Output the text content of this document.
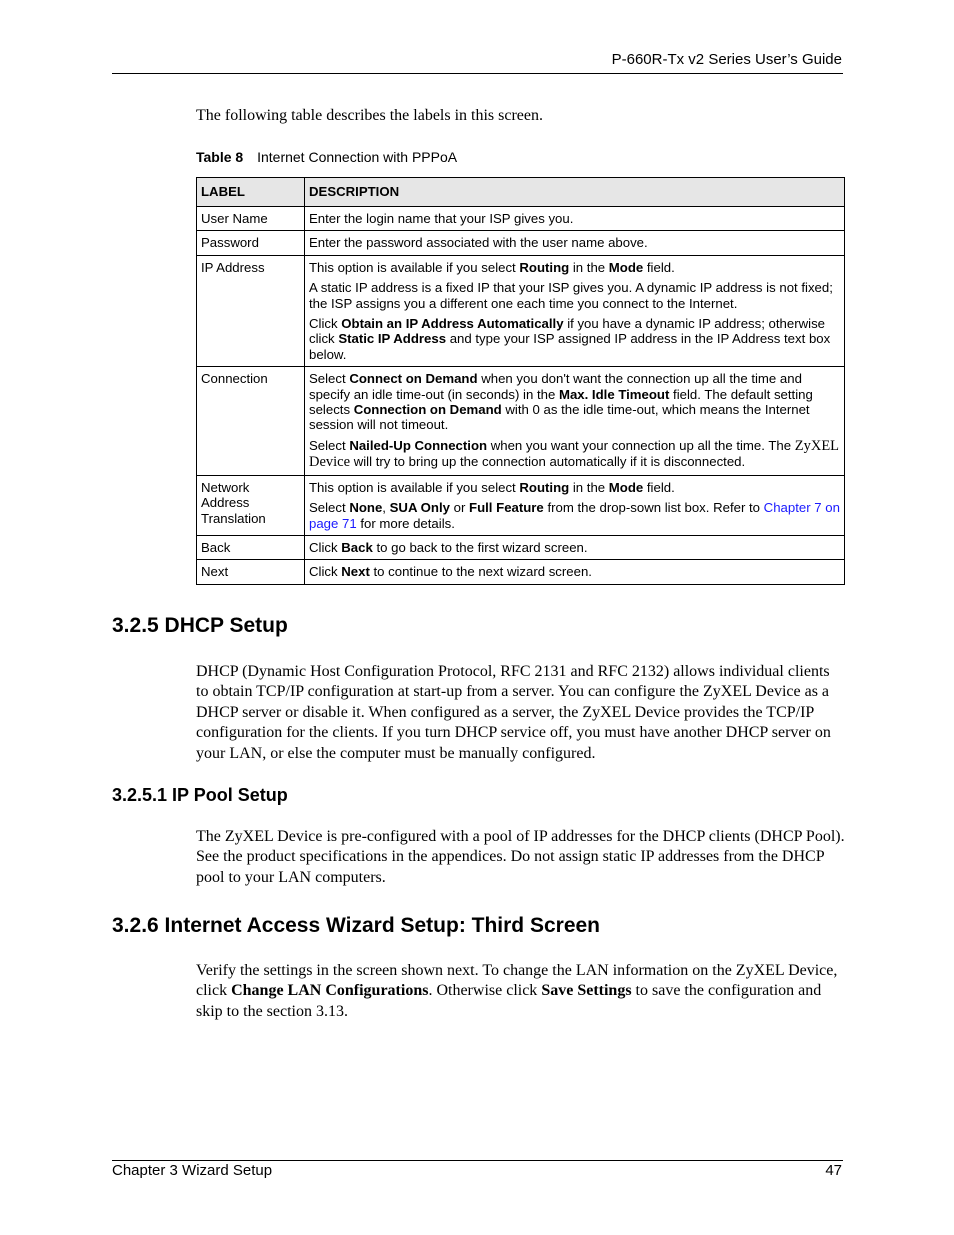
P-660R-Tx v2 Series User’s Guide
The following table describes the labels in this screen.
Table 8 Internet Connection with PPPoA
LABEL	DESCRIPTION
User Name	Enter the login name that your ISP gives you.
Password	Enter the password associated with the user name above.
IP Address	This option is available if you select Routing in the Mode field.

A static IP address is a fixed IP that your ISP gives you. A dynamic IP address is not fixed; the ISP assigns you a different one each time you connect to the Internet.

Click Obtain an IP Address Automatically if you have a dynamic IP address; otherwise click Static IP Address and type your ISP assigned IP address in the IP Address text box below.

Connection	Select Connect on Demand when you don't want the connection up all the time and specify an idle time-out (in seconds) in the Max. Idle Timeout field. The default setting selects Connection on Demand with 0 as the idle time-out, which means the Internet session will not timeout.

Select Nailed-Up Connection when you want your connection up all the time. The ZyXEL Device will try to bring up the connection automatically if it is disconnected.

Network Address Translation	This option is available if you select Routing in the Mode field.

Select None, SUA Only or Full Feature from the drop-sown list box. Refer to Chapter 7 on page 71 for more details.

Back	Click Back to go back to the first wizard screen.
Next	Click Next to continue to the next wizard screen.
3.2.5 DHCP Setup

DHCP (Dynamic Host Configuration Protocol, RFC 2131 and RFC 2132) allows individual clients to obtain TCP/IP configuration at start-up from a server. You can configure the ZyXEL Device as a DHCP server or disable it. When configured as a server, the ZyXEL Device provides the TCP/IP configuration for the clients. If you turn DHCP service off, you must have another DHCP server on your LAN, or else the computer must be manually configured.

3.2.5.1 IP Pool Setup

The ZyXEL Device is pre-configured with a pool of IP addresses for the DHCP clients (DHCP Pool). See the product specifications in the appendices. Do not assign static IP addresses from the DHCP pool to your LAN computers.

3.2.6 Internet Access Wizard Setup: Third Screen

Verify the settings in the screen shown next. To change the LAN information on the ZyXEL Device, click Change LAN Configurations. Otherwise click Save Settings to save the configuration and skip to the section 3.13.

Chapter 3 Wizard Setup	47
